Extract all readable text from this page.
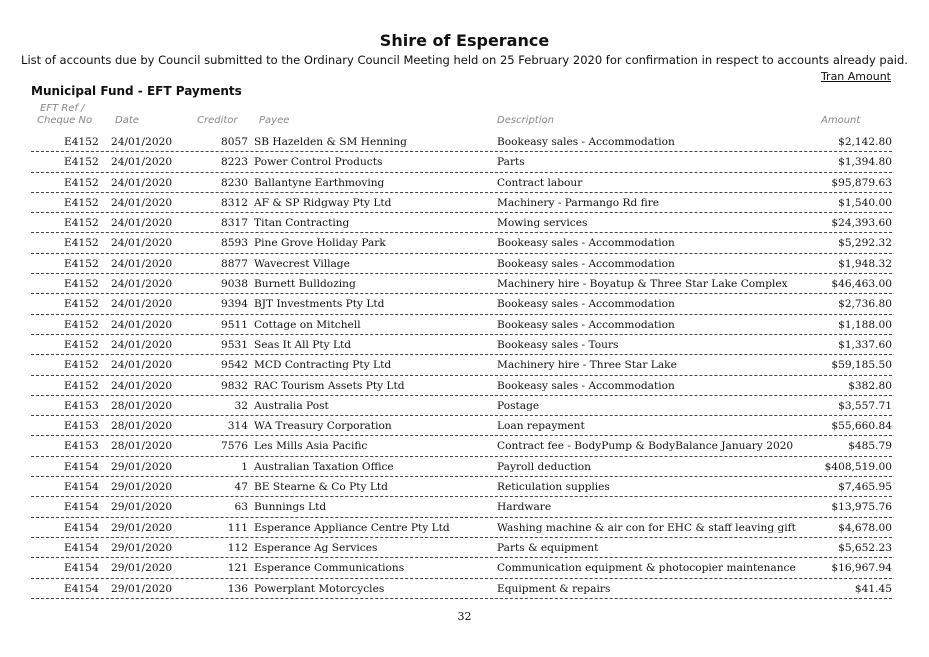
Shire of Esperance
List of accounts due by Council submitted to the Ordinary Council Meeting held on 25 February 2020 for confirmation in respect to accounts already paid.
Tran Amount
Municipal Fund - EFT Payments
EFT Ref /
Cheque No Date	Creditor Payee	Description	Amount
E4152 24/01/2020	8057 SB Hazelden & SM Henning	Bookeasy sales - Accommodation	$2,142.80
E4152 24/01/2020	8223 Power Control Products	Parts	$1,394.80
E4152 24/01/2020	8230 Ballantyne Earthmoving	Contract labour	$95,879.63
E4152 24/01/2020	8312 AF & SP Ridgway Pty Ltd	Machinery - Parmango Rd fire	$1,540.00
E4152 24/01/2020	8317 Titan Contracting	Mowing services	$24,393.60
E4152 24/01/2020	8593 Pine Grove Holiday Park	Bookeasy sales - Accommodation	$5,292.32
E4152 24/01/2020	8877 Wavecrest Village	Bookeasy sales - Accommodation	$1,948.32
E4152 24/01/2020	9038 Burnett Bulldozing	Machinery hire - Boyatup & Three Star Lake Complex	$46,463.00
E4152 24/01/2020	9394 BJT Investments Pty Ltd	Bookeasy sales - Accommodation	$2,736.80
E4152 24/01/2020	9511 Cottage on Mitchell	Bookeasy sales - Accommodation	$1,188.00
E4152 24/01/2020	9531 Seas It All Pty Ltd	Bookeasy sales - Tours	$1,337.60
E4152 24/01/2020	9542 MCD Contracting Pty Ltd	Machinery hire - Three Star Lake	$59,185.50
E4152 24/01/2020	9832 RAC Tourism Assets Pty Ltd	Bookeasy sales - Accommodation	$382.80
E4153 28/01/2020	32 Australia Post	Postage	$3,557.71
E4153 28/01/2020	314 WA Treasury Corporation	Loan repayment	$55,660.84
E4153 28/01/2020	7576 Les Mills Asia Pacific	Contract fee - BodyPump & BodyBalance January 2020	$485.79
E4154 29/01/2020	1 Australian Taxation Office	Payroll deduction	$408,519.00
E4154 29/01/2020	47 BE Stearne & Co Pty Ltd	Reticulation supplies	$7,465.95
E4154 29/01/2020	63 Bunnings Ltd	Hardware	$13,975.76
E4154 29/01/2020	111 Esperance Appliance Centre Pty Ltd	Washing machine & air con for EHC & staff leaving gift	$4,678.00
E4154 29/01/2020	112 Esperance Ag Services	Parts & equipment	$5,652.23
E4154 29/01/2020	121 Esperance Communications	Communication equipment & photocopier maintenance	$16,967.94
E4154 29/01/2020	136 Powerplant Motorcycles	Equipment & repairs	$41.45
32
